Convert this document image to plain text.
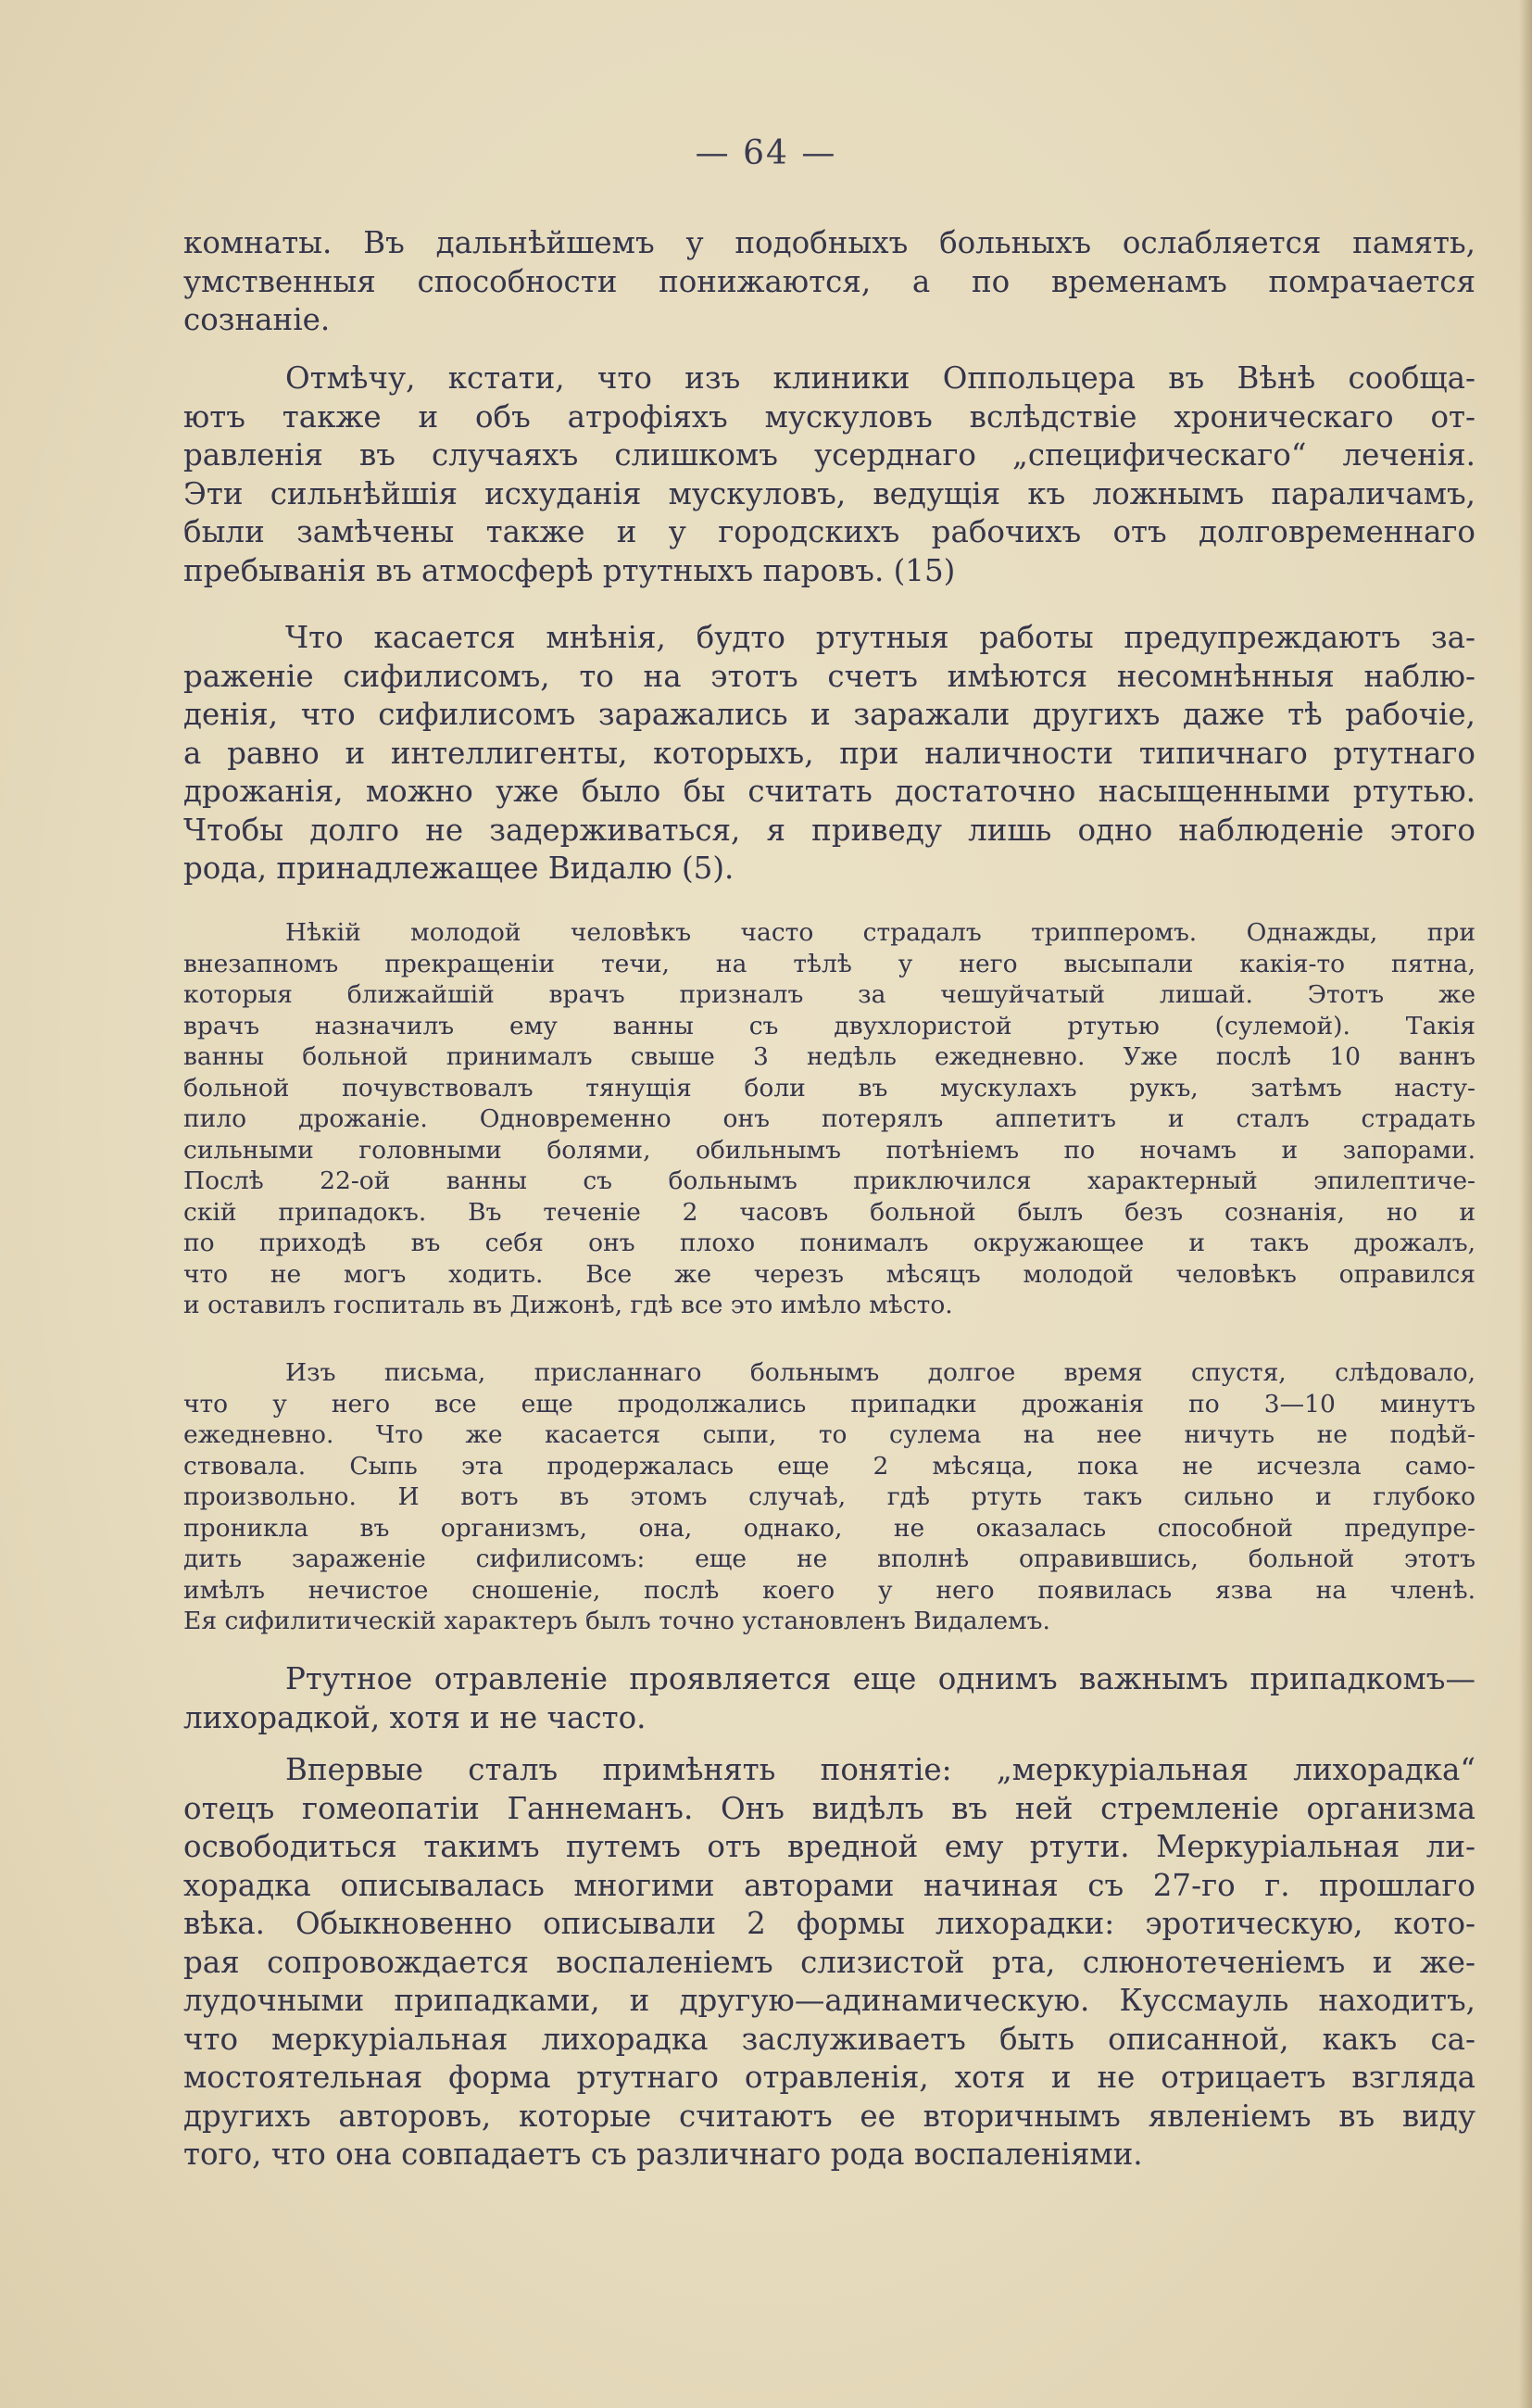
— 64 —

комнаты. Въ дальнѣйшемъ у подобныхъ больныхъ ослабляется память,

умственныя способности понижаются, а по временамъ помрачается

сознаніе.

Отмѣчу, кстати, что изъ клиники Оппольцера въ Вѣнѣ сообща-

ютъ также и объ атрофіяхъ мускуловъ вслѣдствіе хроническаго от-

равленія въ случаяхъ слишкомъ усерднаго „специфическаго“ леченія.

Эти сильнѣйшія исхуданія мускуловъ, ведущія къ ложнымъ параличамъ,

были замѣчены также и у городскихъ рабочихъ отъ долговременнаго

пребыванія въ атмосферѣ ртутныхъ паровъ. (15)

Что касается мнѣнія, будто ртутныя работы предупреждаютъ за-

раженіе сифилисомъ, то на этотъ счетъ имѣются несомнѣнныя наблю-

денія, что сифилисомъ заражались и заражали другихъ даже тѣ рабочіе,

а равно и интеллигенты, которыхъ, при наличности типичнаго ртутнаго

дрожанія, можно уже было бы считать достаточно насыщенными ртутью.

Чтобы долго не задерживаться, я приведу лишь одно наблюденіе этого

рода, принадлежащее Видалю (5).

Нѣкій молодой человѣкъ часто страдалъ трипперомъ. Однажды, при

внезапномъ прекращеніи течи, на тѣлѣ у него высыпали какія-то пятна,

которыя ближайшій врачъ призналъ за чешуйчатый лишай. Этотъ же

врачъ назначилъ ему ванны съ двухлористой ртутью (сулемой). Такія

ванны больной принималъ свыше 3 недѣль ежедневно. Уже послѣ 10 ваннъ

больной почувствовалъ тянущія боли въ мускулахъ рукъ, затѣмъ насту-

пило дрожаніе. Одновременно онъ потерялъ аппетитъ и сталъ страдать

сильными головными болями, обильнымъ потѣніемъ по ночамъ и запорами.

Послѣ 22-ой ванны съ больнымъ приключился характерный эпилептиче-

скій припадокъ. Въ теченіе 2 часовъ больной былъ безъ сознанія, но и

по приходѣ въ себя онъ плохо понималъ окружающее и такъ дрожалъ,

что не могъ ходить. Все же черезъ мѣсяцъ молодой человѣкъ оправился

и оставилъ госпиталь въ Дижонѣ, гдѣ все это имѣло мѣсто.

Изъ письма, присланнаго больнымъ долгое время спустя, слѣдовало,

что у него все еще продолжались припадки дрожанія по 3—10 минутъ

ежедневно. Что же касается сыпи, то сулема на нее ничуть не подѣй-

ствовала. Сыпь эта продержалась еще 2 мѣсяца, пока не исчезла само-

произвольно. И вотъ въ этомъ случаѣ, гдѣ ртуть такъ сильно и глубоко

проникла въ организмъ, она, однако, не оказалась способной предупре-

дить зараженіе сифилисомъ: еще не вполнѣ оправившись, больной этотъ

имѣлъ нечистое сношеніе, послѣ коего у него появилась язва на членѣ.

Ея сифилитическій характеръ былъ точно установленъ Видалемъ.

Ртутное отравленіе проявляется еще однимъ важнымъ припадкомъ—

лихорадкой, хотя и не часто.

Впервые сталъ примѣнять понятіе: „меркуріальная лихорадка“

отецъ гомеопатіи Ганнеманъ. Онъ видѣлъ въ ней стремленіе организма

освободиться такимъ путемъ отъ вредной ему ртути. Меркуріальная ли-

хорадка описывалась многими авторами начиная съ 27-го г. прошлаго

вѣка. Обыкновенно описывали 2 формы лихорадки: эротическую, кото-

рая сопровождается воспаленіемъ слизистой рта, слюнотеченіемъ и же-

лудочными припадками, и другую—адинамическую. Куссмауль находитъ,

что меркуріальная лихорадка заслуживаетъ быть описанной, какъ са-

мостоятельная форма ртутнаго отравленія, хотя и не отрицаетъ взгляда

другихъ авторовъ, которые считаютъ ее вторичнымъ явленіемъ въ виду

того, что она совпадаетъ съ различнаго рода воспаленіями.
